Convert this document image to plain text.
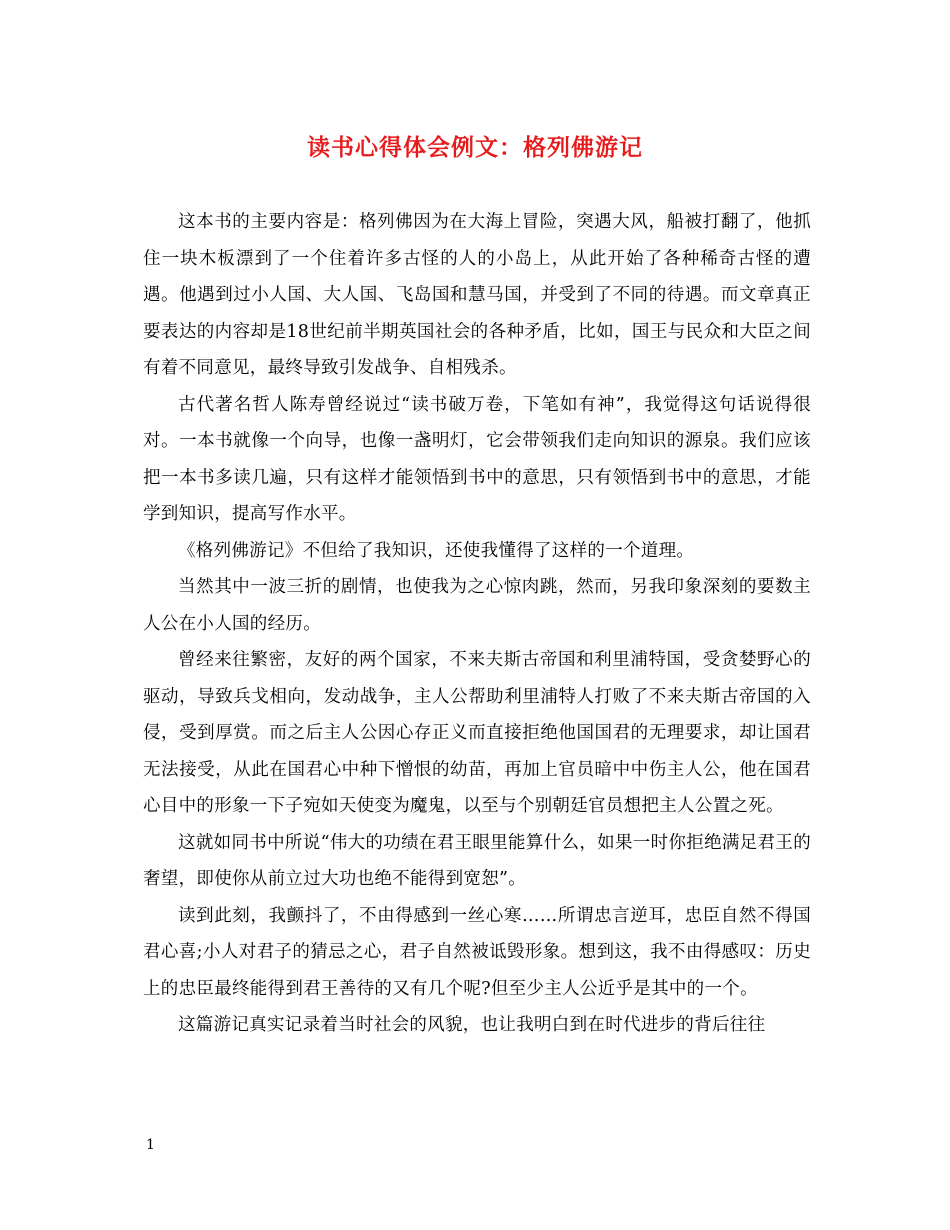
读书心得体会例文：格列佛游记

这本书的主要内容是：格列佛因为在大海上冒险，突遇大风，船被打翻了，他抓住一块木板漂到了一个住着许多古怪的人的小岛上，从此开始了各种稀奇古怪的遭遇。他遇到过小人国、大人国、飞岛国和慧马国，并受到了不同的待遇。而文章真正要表达的内容却是18世纪前半期英国社会的各种矛盾，比如，国王与民众和大臣之间有着不同意见，最终导致引发战争、自相残杀。

古代著名哲人陈寿曾经说过“读书破万卷，下笔如有神”，我觉得这句话说得很对。一本书就像一个向导，也像一盏明灯，它会带领我们走向知识的源泉。我们应该把一本书多读几遍，只有这样才能领悟到书中的意思，只有领悟到书中的意思，才能学到知识，提高写作水平。

《格列佛游记》不但给了我知识，还使我懂得了这样的一个道理。

当然其中一波三折的剧情，也使我为之心惊肉跳，然而，另我印象深刻的要数主人公在小人国的经历。

曾经来往繁密，友好的两个国家，不来夫斯古帝国和利里浦特国，受贪婪野心的驱动，导致兵戈相向，发动战争，主人公帮助利里浦特人打败了不来夫斯古帝国的入侵，受到厚赏。而之后主人公因心存正义而直接拒绝他国国君的无理要求，却让国君无法接受，从此在国君心中种下憎恨的幼苗，再加上官员暗中中伤主人公，他在国君心目中的形象一下子宛如天使变为魔鬼，以至与个别朝廷官员想把主人公置之死。

这就如同书中所说“伟大的功绩在君王眼里能算什么，如果一时你拒绝满足君王的奢望，即使你从前立过大功也绝不能得到宽恕”。

读到此刻，我颤抖了，不由得感到一丝心寒……所谓忠言逆耳，忠臣自然不得国君心喜;小人对君子的猜忌之心，君子自然被诋毁形象。想到这，我不由得感叹：历史上的忠臣最终能得到君王善待的又有几个呢?但至少主人公近乎是其中的一个。

这篇游记真实记录着当时社会的风貌，也让我明白到在时代进步的背后往往

1
